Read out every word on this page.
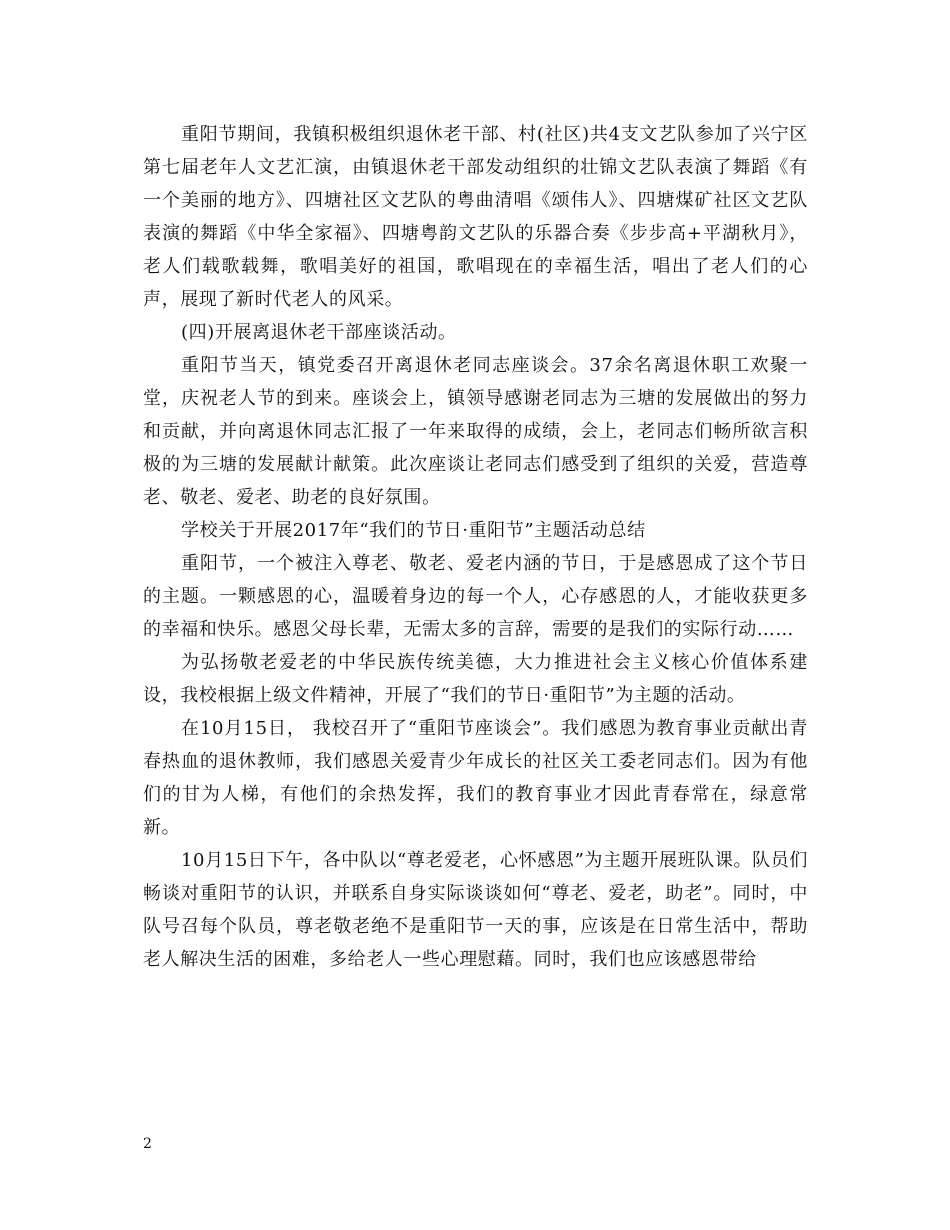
重阳节期间，我镇积极组织退休老干部、村(社区)共4支文艺队参加了兴宁区第七届老年人文艺汇演，由镇退休老干部发动组织的壮锦文艺队表演了舞蹈《有一个美丽的地方》、四塘社区文艺队的粤曲清唱《颂伟人》、四塘煤矿社区文艺队表演的舞蹈《中华全家福》、四塘粤韵文艺队的乐器合奏《步步高+平湖秋月》，老人们载歌载舞，歌唱美好的祖国，歌唱现在的幸福生活，唱出了老人们的心声，展现了新时代老人的风采。

(四)开展离退休老干部座谈活动。

重阳节当天，镇党委召开离退休老同志座谈会。37余名离退休职工欢聚一堂，庆祝老人节的到来。座谈会上，镇领导感谢老同志为三塘的发展做出的努力和贡献，并向离退休同志汇报了一年来取得的成绩，会上，老同志们畅所欲言积极的为三塘的发展献计献策。此次座谈让老同志们感受到了组织的关爱，营造尊老、敬老、爱老、助老的良好氛围。

学校关于开展2017年“我们的节日·重阳节”主题活动总结

重阳节，一个被注入尊老、敬老、爱老内涵的节日，于是感恩成了这个节日的主题。一颗感恩的心，温暖着身边的每一个人，心存感恩的人，才能收获更多的幸福和快乐。感恩父母长辈，无需太多的言辞，需要的是我们的实际行动……

为弘扬敬老爱老的中华民族传统美德，大力推进社会主义核心价值体系建设，我校根据上级文件精神，开展了“我们的节日·重阳节”为主题的活动。

在10月15日， 我校召开了“重阳节座谈会”。我们感恩为教育事业贡献出青春热血的退休教师，我们感恩关爱青少年成长的社区关工委老同志们。因为有他们的甘为人梯，有他们的余热发挥，我们的教育事业才因此青春常在，绿意常新。

10月15日下午，各中队以“尊老爱老，心怀感恩”为主题开展班队课。队员们畅谈对重阳节的认识，并联系自身实际谈谈如何“尊老、爱老，助老”。同时，中队号召每个队员，尊老敬老绝不是重阳节一天的事，应该是在日常生活中，帮助老人解决生活的困难，多给老人一些心理慰藉。同时，我们也应该感恩带给

2
